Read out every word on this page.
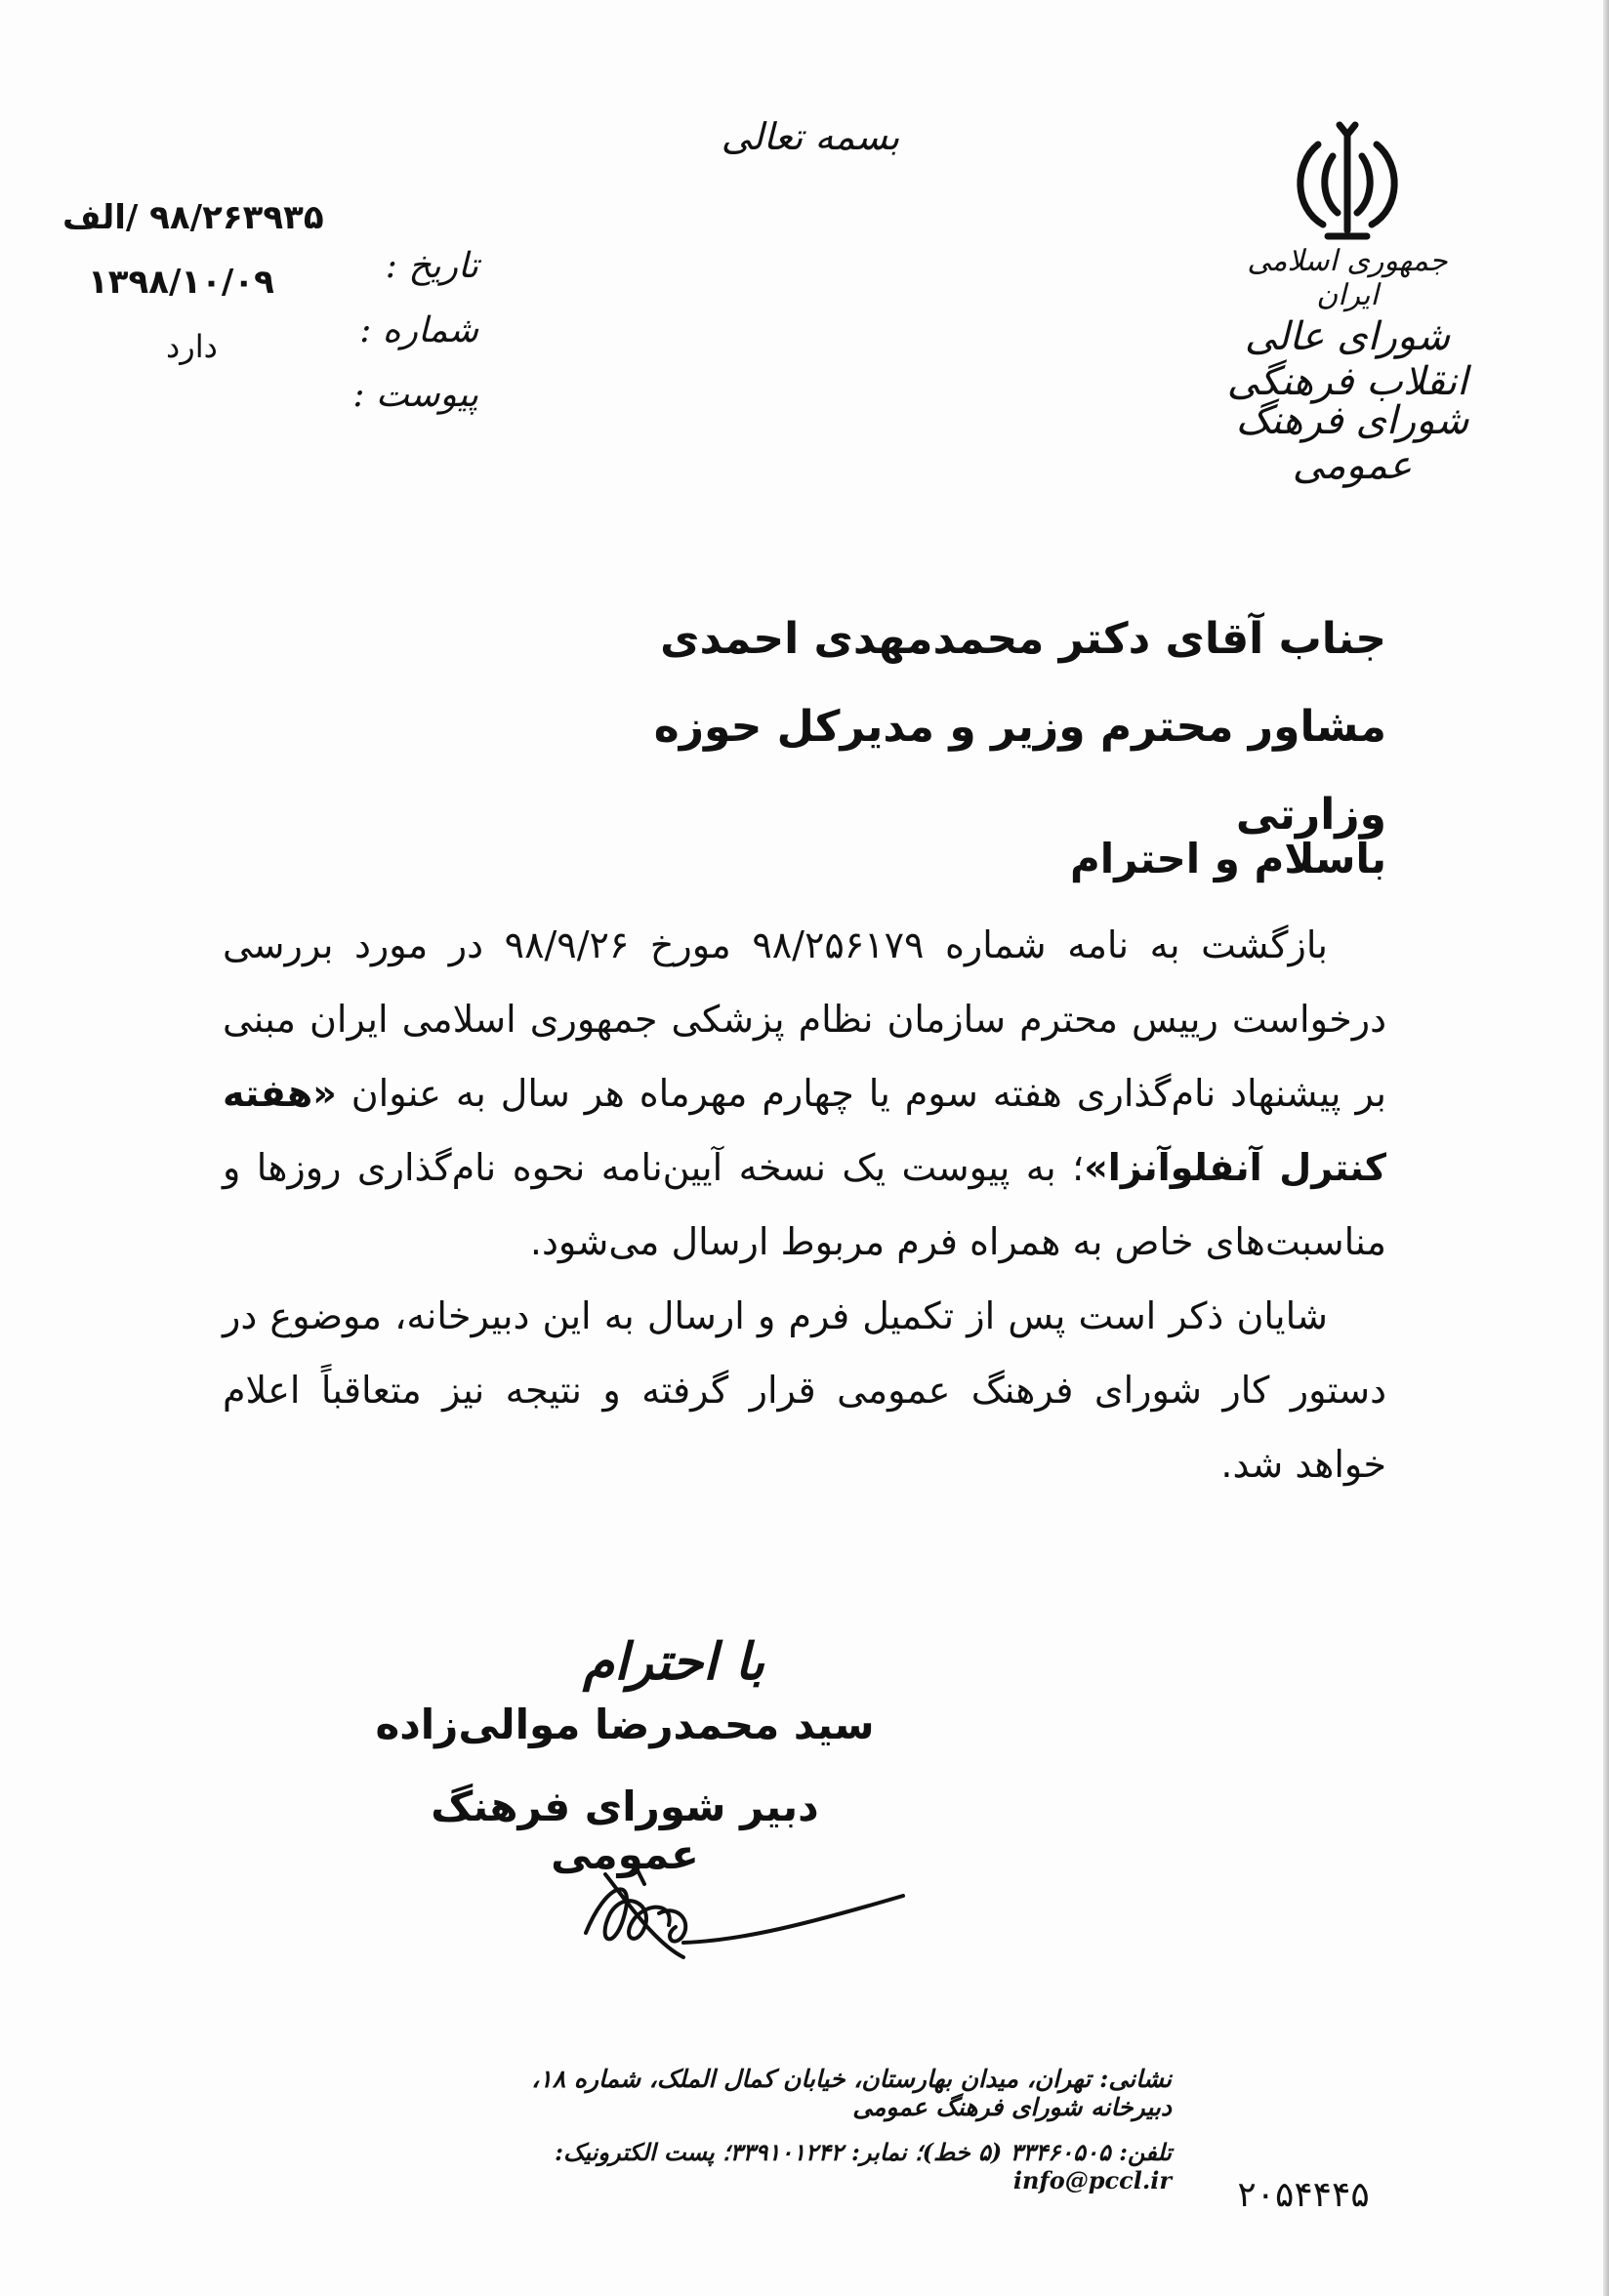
بسمه تعالی
جمهوری اسلامی ایران
شورای عالی انقلاب فرهنگی
شورای فرهنگ عمومی
تاریخ :
شماره :
پیوست :
۹۸/۲۶۳۹۳۵ /الف
۱۳۹۸/۱۰/۰۹
دارد
جناب آقای دکتر محمدمهدی احمدی
مشاور محترم وزیر و مدیرکل حوزه وزارتی
باسلام و احترام

بازگشت به نامه شماره ۹۸/۲۵۶۱۷۹ مورخ ۹۸/۹/۲۶ در مورد بررسی درخواست رییس محترم سازمان نظام پزشکی جمهوری اسلامی ایران مبنی بر پیشنهاد نام‌گذاری هفته سوم یا چهارم مهرماه هر سال به عنوان «هفته کنترل آنفلوآنزا»؛ به پیوست یک نسخه آیین‌نامه نحوه نام‌گذاری روزها و مناسبت‌های خاص به همراه فرم مربوط ارسال می‌شود.

شایان ذکر است پس از تکمیل فرم و ارسال به این دبیرخانه، موضوع در دستور کار شورای فرهنگ عمومی قرار گرفته و نتیجه نیز متعاقباً اعلام خواهد شد.

با احترام
سید محمدرضا موالی‌زاده
دبیر شورای فرهنگ عمومی
نشانی: تهران، میدان بهارستان، خیابان کمال الملک، شماره ۱۸، دبیرخانه شورای فرهنگ عمومی
تلفن: ۳۳۴۶۰۵۰۵ (۵ خط)؛ نمابر: ۳۳۹۱۰۱۲۴۲؛ پست الکترونیک: info@pccl.ir	۲۰۵۴۴۴۵
